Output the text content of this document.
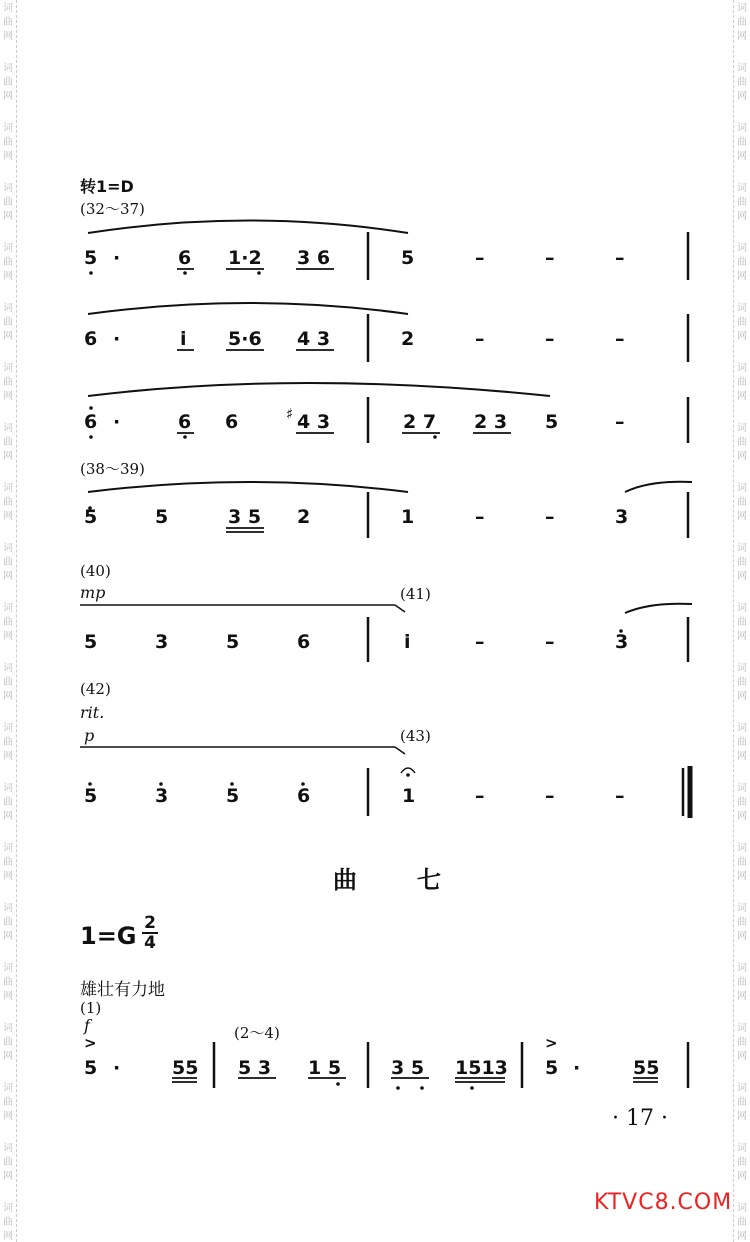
词
曲
网
词
曲
网
词
曲
网
词
曲
网
词
曲
网
词
曲
网
词
曲
网
词
曲
网
词
曲
网
词
曲
网
词
曲
网
词
曲
网
词
曲
网
词
曲
网
词
曲
网
词
曲
网
词
曲
网
词
曲
网
词
曲
网
词
曲
网
词
曲
网
词
曲
网
词
曲
网
词
曲
网
词
曲
网
词
曲
网
词
曲
网
词
曲
网
词
曲
网
词
曲
网
词
曲
网
词
曲
网
词
曲
网
词
曲
网
词
曲
网
词
曲
网
词
曲
网
词
曲
网
词
曲
网
词
曲
网
词
曲
网
词
曲
网
转1=D
(32～37)
5 ·	6 1·2 3 6	5	–	–	–
6 ·	i 5·6 4 3	2	–	–	–
6 ·	6 6	♯ 4 3	2 7 2 3 5	–
(38～39)
5	5	3 5 2	1	–	–	3
(40)
mp	(41)
5	3	5	6	i	–	–	3
(42)
rit.
p	(43)
5	3	5	6	1	–	–	–
曲七
1=G 2
4
雄壮有力地
(1)
f	(2～4)
>	>
5 ·	55 5 3 1 5	3 5 1513 5 ·	55
· 17 ·
KTVC8.COM
